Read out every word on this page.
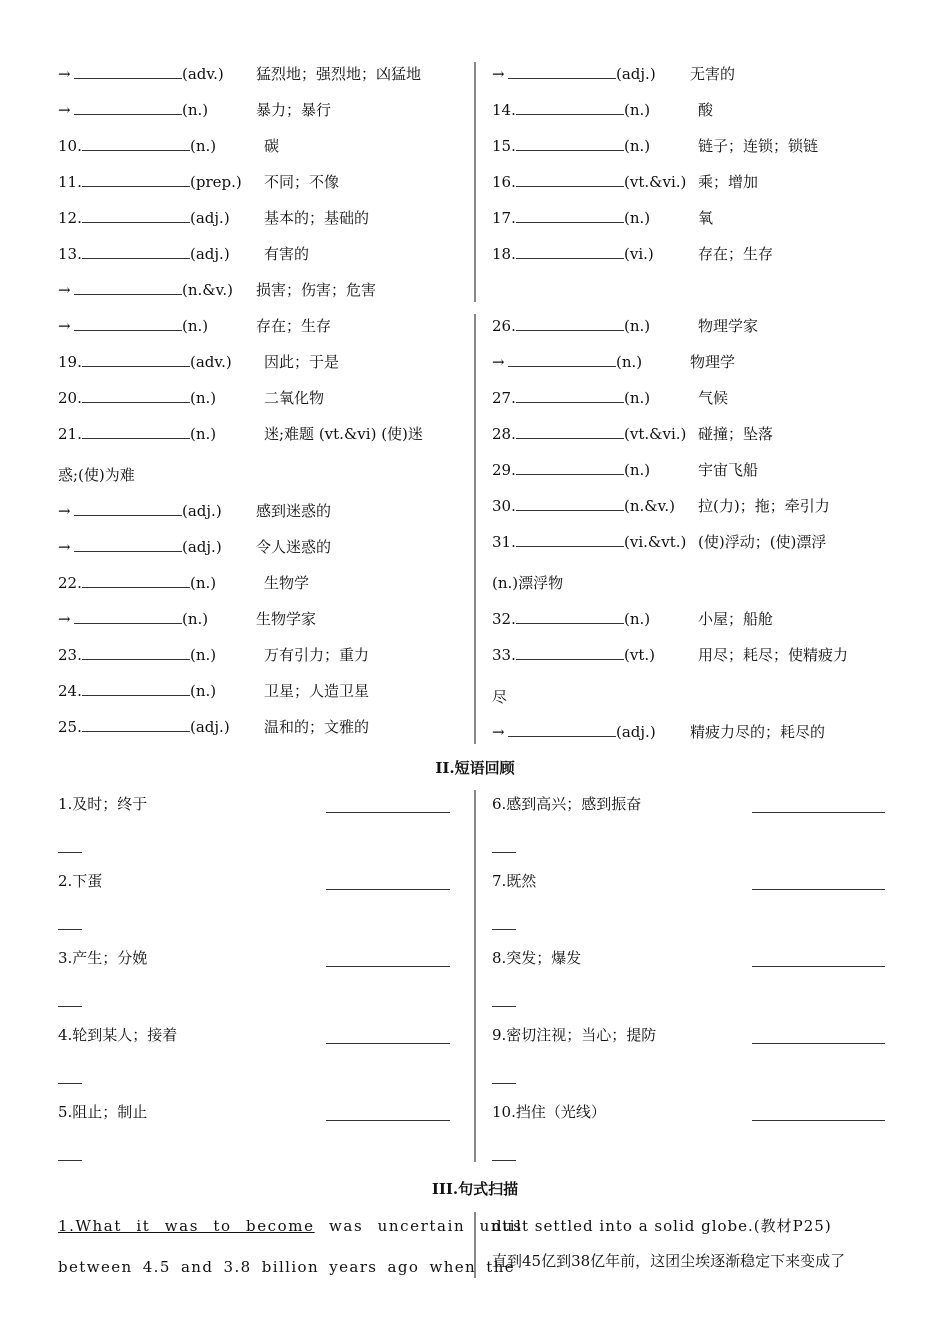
→	(adv.) 猛烈地；强烈地；凶猛地
→	(n.)	暴力；暴行
10.	(n.)	碳
11.	(prep.) 不同；不像
12.	(adj.) 基本的；基础的
13.	(adj.) 有害的
→	(n.&v.) 损害；伤害；危害
→	(adj.) 无害的
14.	(n.)	酸
15.	(n.)	链子；连锁；锁链
16.	(vt.&vi.) 乘；增加
17.	(n.)	氧
18.	(vi.)	存在；生存
→	(n.)	存在；生存
19.	(adv.) 因此；于是
20.	(n.)	二氧化物
21.	(n.)	迷;难题 (vt.&vi) (使)迷
惑;(使)为难
→	(adj.) 感到迷惑的
→	(adj.) 令人迷惑的
22.	(n.)	生物学
→	(n.)	生物学家
23.	(n.)	万有引力；重力
24.	(n.)	卫星；人造卫星
25.	(adj.) 温和的；文雅的
26.	(n.)	物理学家
→	(n.)	物理学
27.	(n.)	气候
28.	(vt.&vi.) 碰撞；坠落
29.	(n.)	宇宙飞船
30.	(n.&v.) 拉(力)；拖；牵引力
31.	(vi.&vt.) (使)浮动；(使)漂浮
(n.)漂浮物
32.	(n.)	小屋；船舱
33.	(vt.)	用尽；耗尽；使精疲力
尽
→	(adj.) 精疲力尽的；耗尽的
II.短语回顾
1.及时；终于
2.下蛋
3.产生；分娩
4.轮到某人；接着
5.阻止；制止
6.感到高兴；感到振奋
7.既然
8.突发；爆发
9.密切注视；当心；提防
10.挡住（光线）
III.句式扫描
1.What it was to become was uncertain until
between 4.5 and 3.8 billion years ago when the
dust settled into a solid globe.(教材P25)
直到45亿到38亿年前，这团尘埃逐渐稳定下来变成了
